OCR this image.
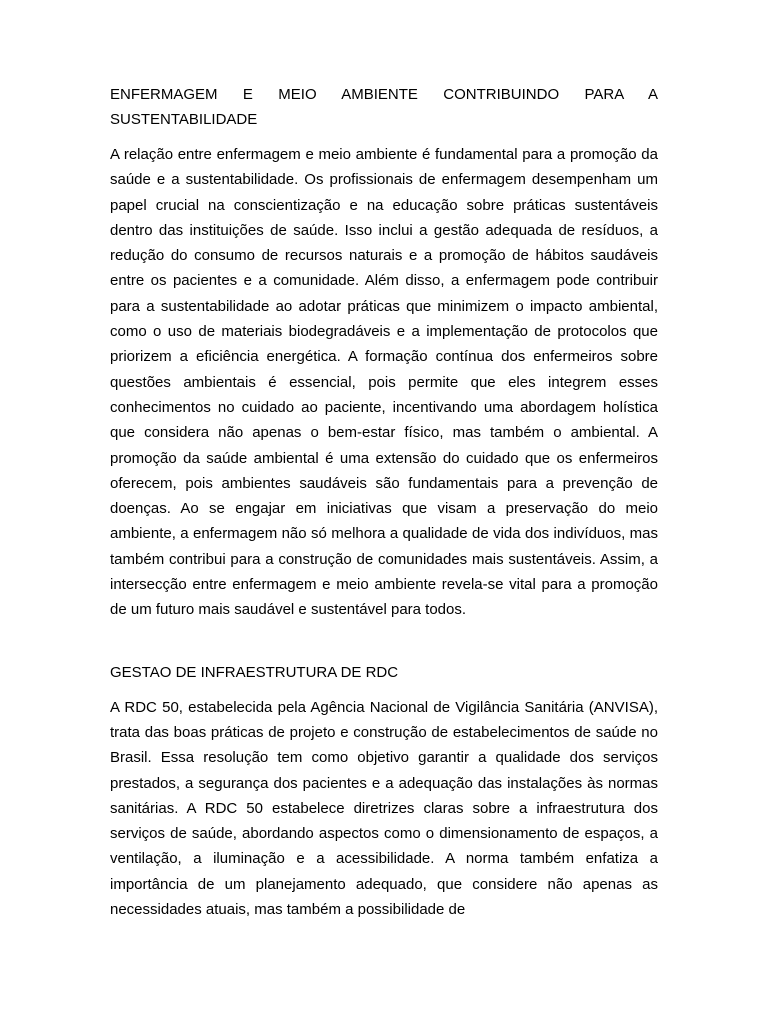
ENFERMAGEM E MEIO AMBIENTE CONTRIBUINDO PARA A SUSTENTABILIDADE

A relação entre enfermagem e meio ambiente é fundamental para a promoção da saúde e a sustentabilidade. Os profissionais de enfermagem desempenham um papel crucial na conscientização e na educação sobre práticas sustentáveis dentro das instituições de saúde. Isso inclui a gestão adequada de resíduos, a redução do consumo de recursos naturais e a promoção de hábitos saudáveis entre os pacientes e a comunidade. Além disso, a enfermagem pode contribuir para a sustentabilidade ao adotar práticas que minimizem o impacto ambiental, como o uso de materiais biodegradáveis e a implementação de protocolos que priorizem a eficiência energética. A formação contínua dos enfermeiros sobre questões ambientais é essencial, pois permite que eles integrem esses conhecimentos no cuidado ao paciente, incentivando uma abordagem holística que considera não apenas o bem-estar físico, mas também o ambiental. A promoção da saúde ambiental é uma extensão do cuidado que os enfermeiros oferecem, pois ambientes saudáveis são fundamentais para a prevenção de doenças. Ao se engajar em iniciativas que visam a preservação do meio ambiente, a enfermagem não só melhora a qualidade de vida dos indivíduos, mas também contribui para a construção de comunidades mais sustentáveis. Assim, a intersecção entre enfermagem e meio ambiente revela-se vital para a promoção de um futuro mais saudável e sustentável para todos.

GESTAO DE INFRAESTRUTURA DE RDC

A RDC 50, estabelecida pela Agência Nacional de Vigilância Sanitária (ANVISA), trata das boas práticas de projeto e construção de estabelecimentos de saúde no Brasil. Essa resolução tem como objetivo garantir a qualidade dos serviços prestados, a segurança dos pacientes e a adequação das instalações às normas sanitárias. A RDC 50 estabelece diretrizes claras sobre a infraestrutura dos serviços de saúde, abordando aspectos como o dimensionamento de espaços, a ventilação, a iluminação e a acessibilidade. A norma também enfatiza a importância de um planejamento adequado, que considere não apenas as necessidades atuais, mas também a possibilidade de
